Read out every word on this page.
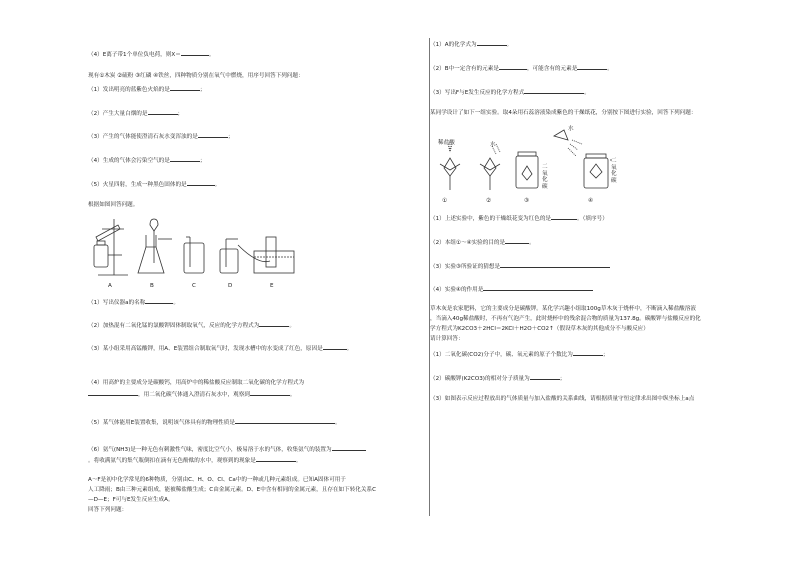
（4）E离子带1个单位负电荷，则X＝	。
现有①木炭 ②硫粉 ③红磷 ④铁丝，四种物质分别在氧气中燃烧，用序号回答下列问题：
（1）发出明亮的蓝紫色火焰的是	；
（2）产生大量白烟的是	；
（3）产生的气体能使澄清石灰水变浑浊的是	；
（4）生成的气体会污染空气的是	；
（5）火星四射，生成一种黑色固体的是	。
根据如图回答问题。
A	B	C	D	E
（1）写出仪器a的名称	。
（2）加热混有二氧化锰的氯酸钾固体制取氧气，反应的化学方程式为	。
（3）某小组采用高锰酸钾，用A、E装置组合制取氧气时，发现水槽中的水变成了红色，原因是	。
（4）用高炉的主要成分是碳酸钙，用高炉中的稀盐酸反应制取二氧化碳的化学方程式为
，用二氧化碳气体通入澄清石灰水中，观察到	。
（5）某气体能用E装置收集，说明该气体具有的物理性质是	。
（6）氨气(NH3)是一种无色有刺激性气味，密度比空气小，极易溶于水的气体，收集氨气的装置为
。将收满氨气的集气瓶倒扣在滴有无色酚酞的水中，观察到的现象是	。
A～F是初中化学常见的6种物质，分别由C、H、O、Cl、Ca中的一种或几种元素组成。已知A固体可用于
人工降雨；B由三种元素组成，能被稀盐酸生成；C由金属元素。D、E中含有相同的金属元素，且存在如下转化关系C
—D—E；F可与E发生反应生成A。
回答下列问题：
（1）A的化学式为	。
（2）B中一定含有的元素是	，可能含有的元素是	。
（3）写出F与E发生反应的化学方程式	。
某同学设计了如下一组实验。取4朵用石蕊溶液染成紫色的干燥纸花，分别按下图进行实验，回答下列问题：
稀盐酸	水
水
二氧化碳
二氧化碳
①	②	③	④
（1）上述实验中，紫色的干燥纸花变为红色的是	。（填序号）
（2）本组①～④实验的目的是	。
（3）实验③所验证的猜想是
（4）实验④的作用是
草木灰是农家肥料，它的主要成分是碳酸钾。某化学兴趣小组取100g草木灰于烧杯中，不断滴入稀盐酸溶液
，当滴入40g稀盐酸时，不再有气泡产生，此时烧杯中的残余混合物的质量为137.8g。碳酸钾与盐酸反应的化
学方程式为K2CO3＋2HCl＝2KCl＋H2O＋CO2↑（假设草木灰的其他成分不与酸反应）
请计算回答：
（1）二氧化碳(CO2)分子中，碳、氧元素的原子个数比为	；
（2）碳酸钾(K2CO3)的相对分子质量为	；
（3）如图表示反应过程放出的气体质量与加入盐酸的关系曲线，请根据质量守恒定律求出图中纵坐标上a点
